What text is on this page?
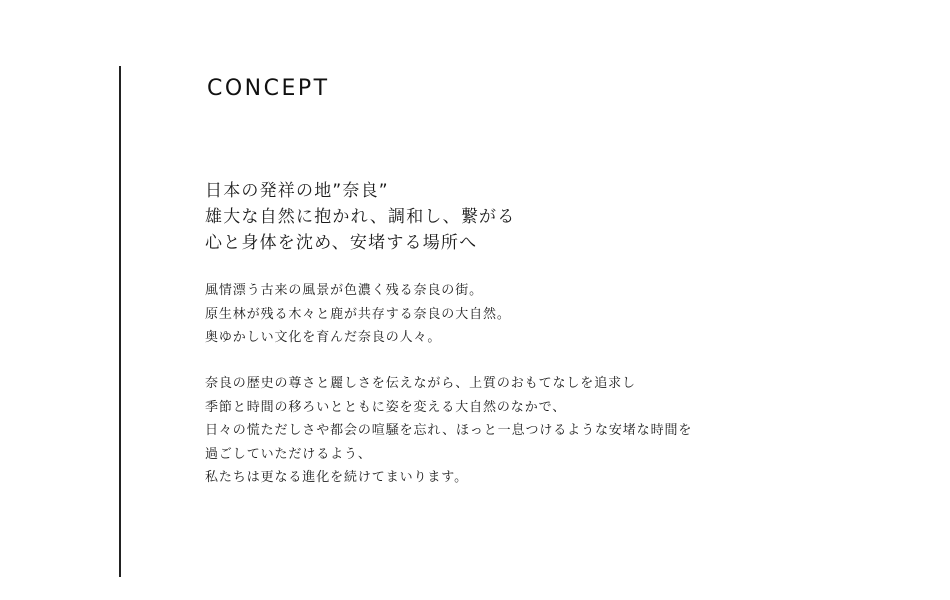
CONCEPT
日本の発祥の地”奈良”
雄大な自然に抱かれ、調和し、繋がる
心と身体を沈め、安堵する場所へ
風情漂う古来の風景が色濃く残る奈良の街。
原生林が残る木々と鹿が共存する奈良の大自然。
奥ゆかしい文化を育んだ奈良の人々。
奈良の歴史の尊さと麗しさを伝えながら、上質のおもてなしを追求し
季節と時間の移ろいとともに姿を変える大自然のなかで、
日々の慌ただしさや都会の喧騒を忘れ、ほっと一息つけるような安堵な時間を
過ごしていただけるよう、
私たちは更なる進化を続けてまいります。
